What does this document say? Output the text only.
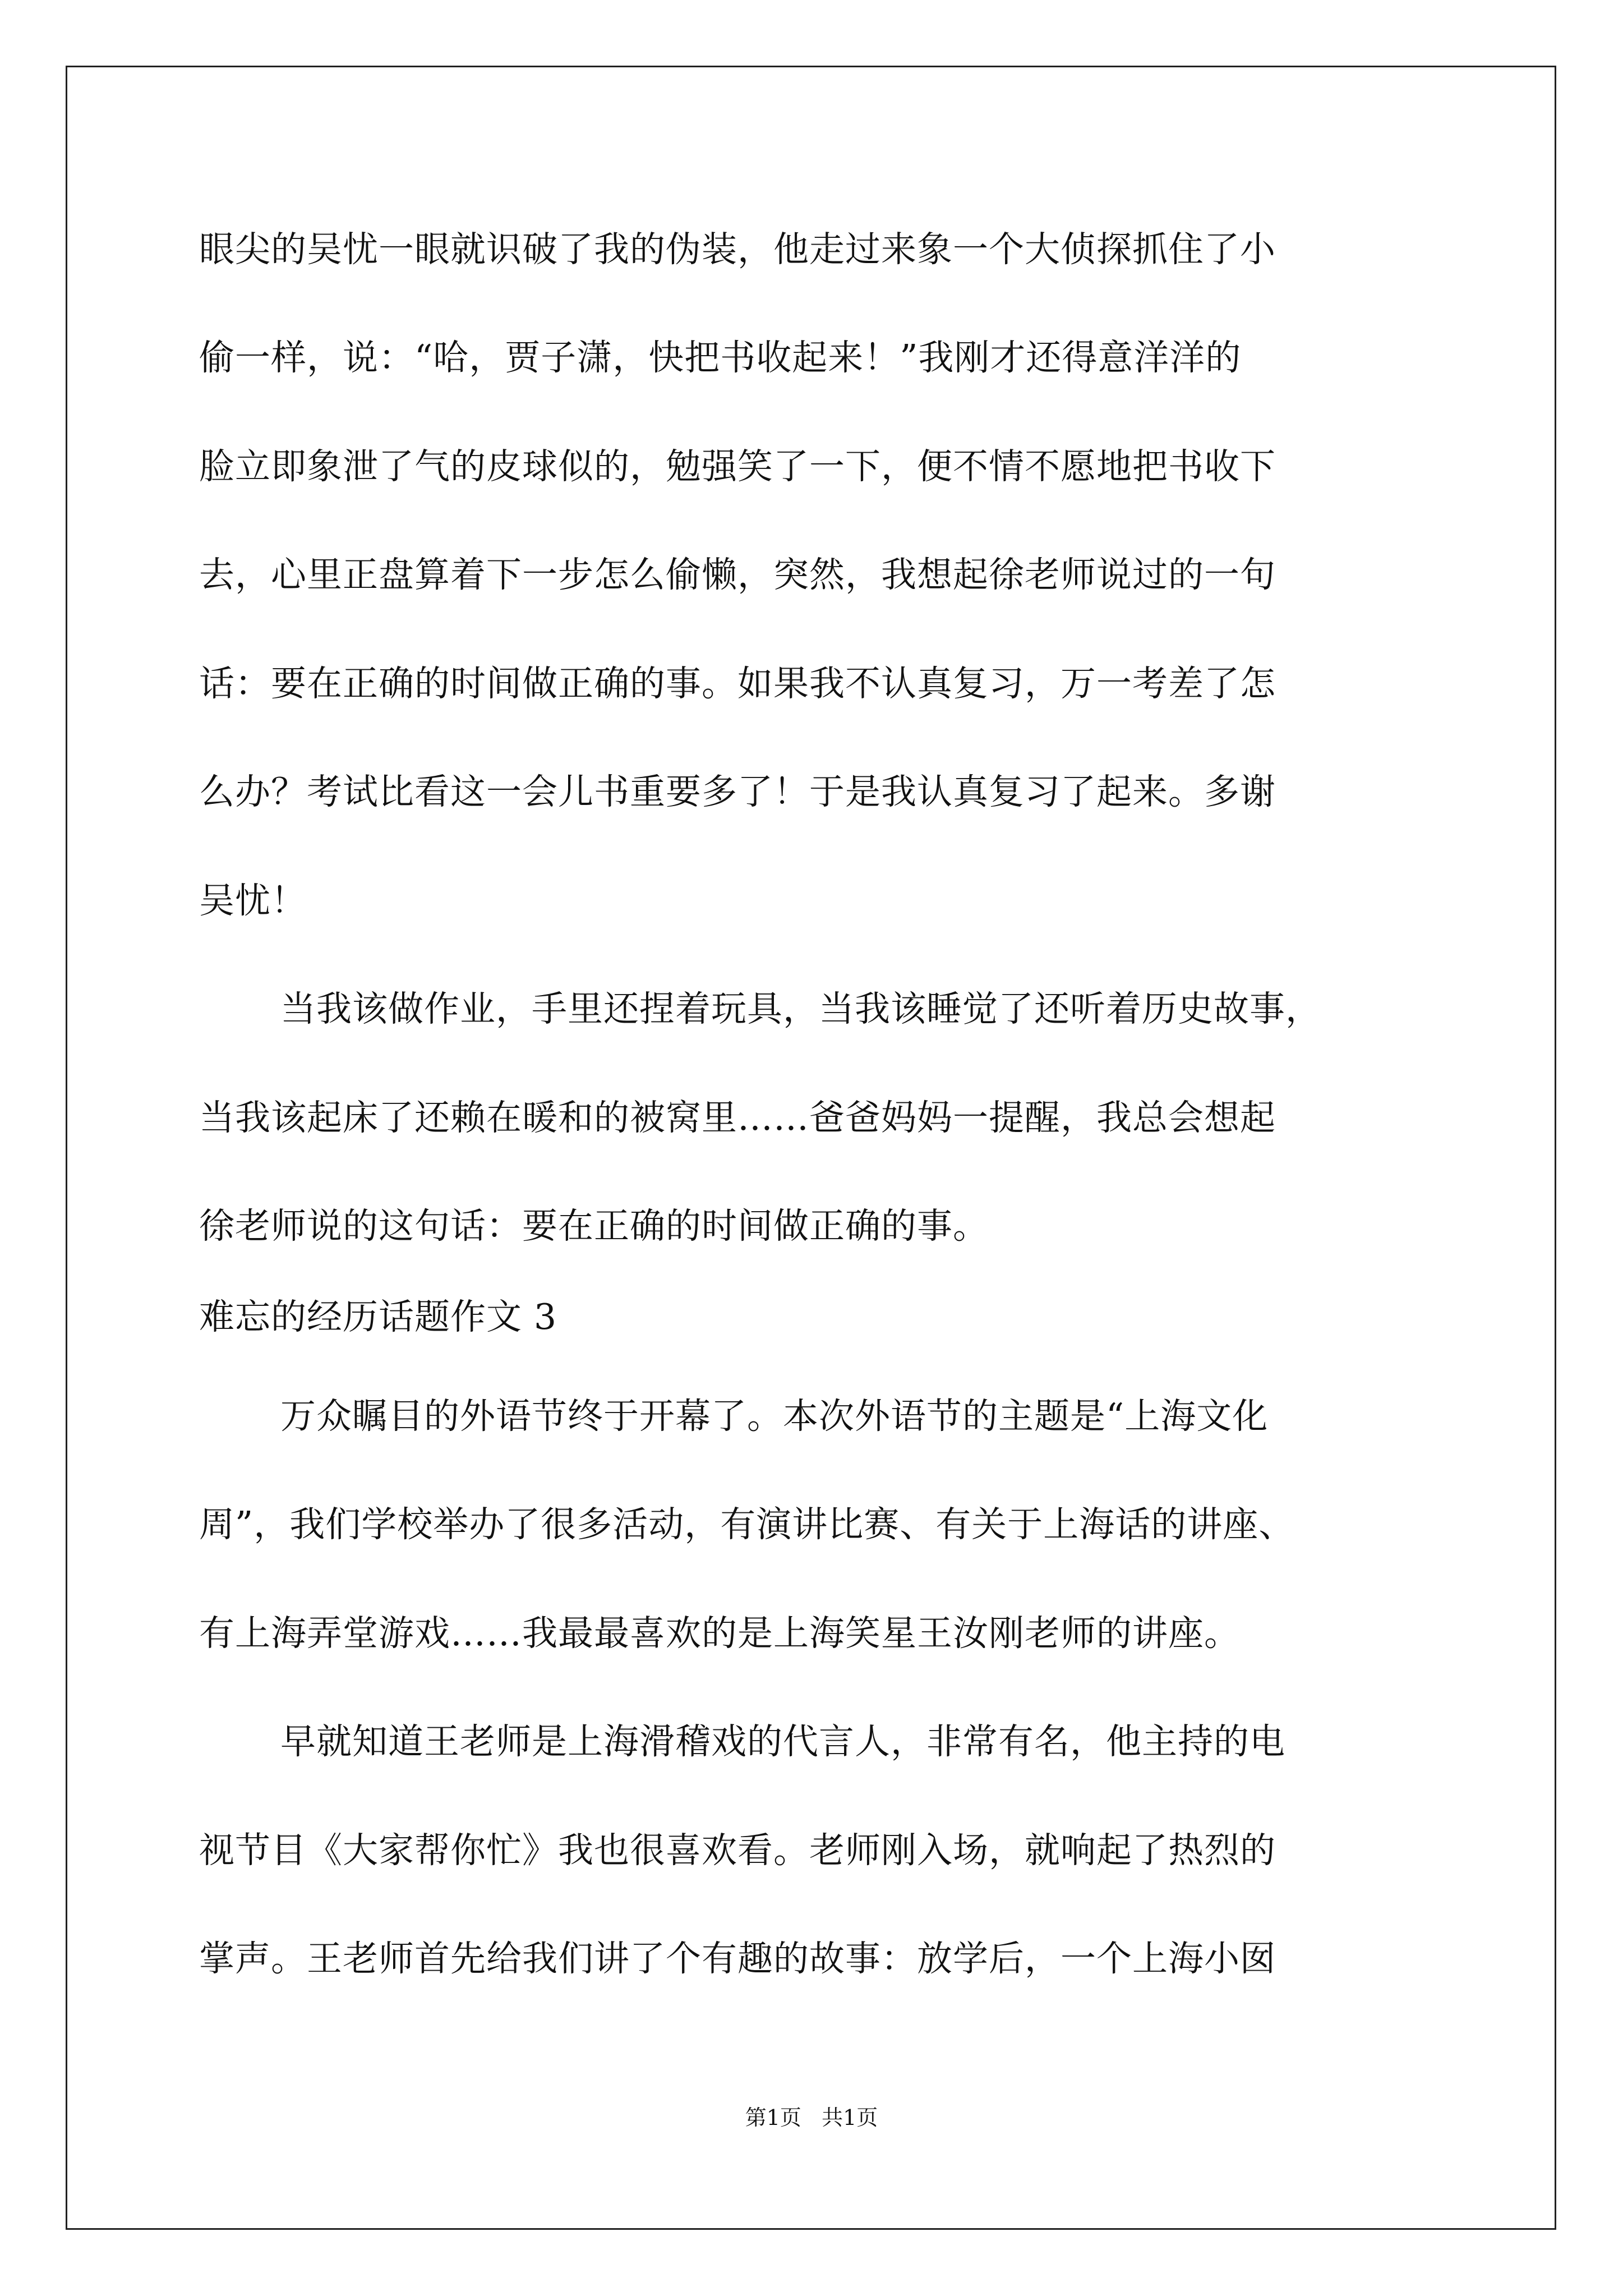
眼尖的吴忧一眼就识破了我的伪装，他走过来象一个大侦探抓住了小
偷一样，说：“哈，贾子潇，快把书收起来！”我刚才还得意洋洋的
脸立即象泄了气的皮球似的，勉强笑了一下，便不情不愿地把书收下
去，心里正盘算着下一步怎么偷懒，突然，我想起徐老师说过的一句
话：要在正确的时间做正确的事。如果我不认真复习，万一考差了怎
么办？考试比看这一会儿书重要多了！于是我认真复习了起来。多谢
吴忧！
当我该做作业，手里还捏着玩具，当我该睡觉了还听着历史故事，
当我该起床了还赖在暖和的被窝里……爸爸妈妈一提醒，我总会想起
徐老师说的这句话：要在正确的时间做正确的事。
难忘的经历话题作文 3
万众瞩目的外语节终于开幕了。本次外语节的主题是“上海文化
周”，我们学校举办了很多活动，有演讲比赛、有关于上海话的讲座、
有上海弄堂游戏……我最最喜欢的是上海笑星王汝刚老师的讲座。
早就知道王老师是上海滑稽戏的代言人，非常有名，他主持的电
视节目《大家帮你忙》我也很喜欢看。老师刚入场，就响起了热烈的
掌声。王老师首先给我们讲了个有趣的故事：放学后，一个上海小囡
第1页   共1页
